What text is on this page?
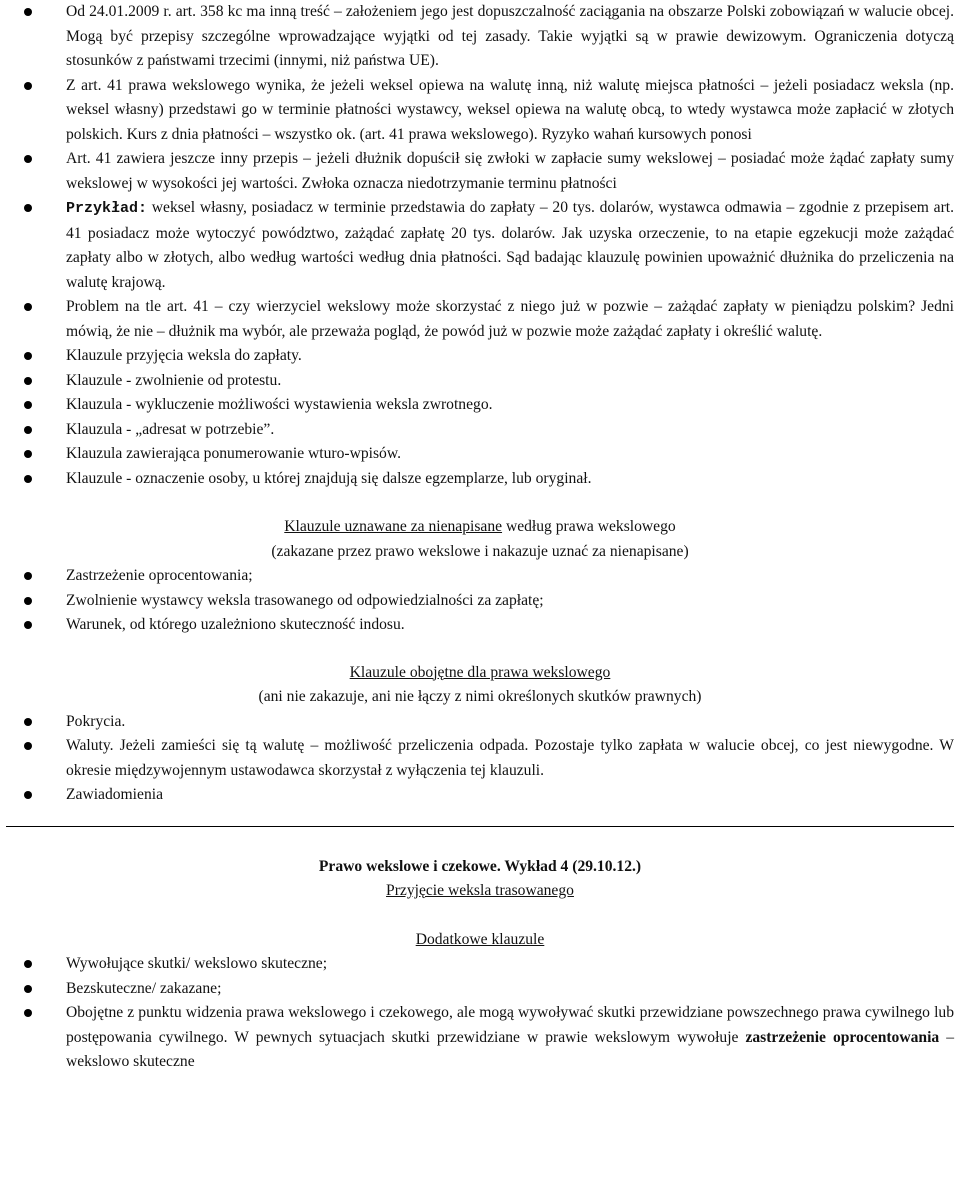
Od 24.01.2009 r. art. 358 kc ma inną treść – założeniem jego jest dopuszczalność zaciągania na obszarze Polski zobowiązań w walucie obcej. Mogą być przepisy szczególne wprowadzające wyjątki od tej zasady. Takie wyjątki są w prawie dewizowym. Ograniczenia dotyczą stosunków z państwami trzecimi (innymi, niż państwa UE).
Z art. 41 prawa wekslowego wynika, że jeżeli weksel opiewa na walutę inną, niż walutę miejsca płatności – jeżeli posiadacz weksla (np. weksel własny) przedstawi go w terminie płatności wystawcy, weksel opiewa na walutę obcą, to wtedy wystawca może zapłacić w złotych polskich. Kurs z dnia płatności – wszystko ok. (art. 41 prawa wekslowego). Ryzyko wahań kursowych ponosi
Art. 41 zawiera jeszcze inny przepis – jeżeli dłużnik dopuścił się zwłoki w zapłacie sumy wekslowej – posiadać może żądać zapłaty sumy wekslowej w wysokości jej wartości. Zwłoka oznacza niedotrzymanie terminu płatności
Przykład: weksel własny, posiadacz w terminie przedstawia do zapłaty – 20 tys. dolarów, wystawca odmawia – zgodnie z przepisem art. 41 posiadacz może wytoczyć powództwo, zażądać zapłatę 20 tys. dolarów. Jak uzyska orzeczenie, to na etapie egzekucji może zażądać zapłaty albo w złotych, albo według wartości według dnia płatności. Sąd badając klauzulę powinien upoważnić dłużnika do przeliczenia na walutę krajową.
Problem na tle art. 41 – czy wierzyciel wekslowy może skorzystać z niego już w pozwie – zażądać zapłaty w pieniądzu polskim? Jedni mówią, że nie – dłużnik ma wybór, ale przeważa pogląd, że powód już w pozwie może zażądać zapłaty i określić walutę.
Klauzule przyjęcia weksla do zapłaty.
Klauzule - zwolnienie od protestu.
Klauzula - wykluczenie możliwości wystawienia weksla zwrotnego.
Klauzula - „adresat w potrzebie”.
Klauzula zawierająca ponumerowanie wturo-wpisów.
Klauzule - oznaczenie osoby, u której znajdują się dalsze egzemplarze, lub oryginał.
Klauzule uznawane za nienapisane według prawa wekslowego
(zakazane przez prawo wekslowe i nakazuje uznać za nienapisane)
Zastrzeżenie oprocentowania;
Zwolnienie wystawcy weksla trasowanego od odpowiedzialności za zapłatę;
Warunek, od którego uzależniono skuteczność indosu.
Klauzule obojętne dla prawa wekslowego
(ani nie zakazuje, ani nie łączy z nimi określonych skutków prawnych)
Pokrycia.
Waluty. Jeżeli zamieści się tą walutę – możliwość przeliczenia odpada. Pozostaje tylko zapłata w walucie obcej, co jest niewygodne. W okresie międzywojennym ustawodawca skorzystał z wyłączenia tej klauzuli.
Zawiadomienia
Prawo wekslowe i czekowe. Wykład 4 (29.10.12.)
Przyjęcie weksla trasowanego
Dodatkowe klauzule
Wywołujące skutki/ wekslowo skuteczne;
Bezskuteczne/ zakazane;
Obojętne z punktu widzenia prawa wekslowego i czekowego, ale mogą wywoływać skutki przewidziane powszechnego prawa cywilnego lub postępowania cywilnego. W pewnych sytuacjach skutki przewidziane w prawie wekslowym wywołuje zastrzeżenie oprocentowania – wekslowo skuteczne
